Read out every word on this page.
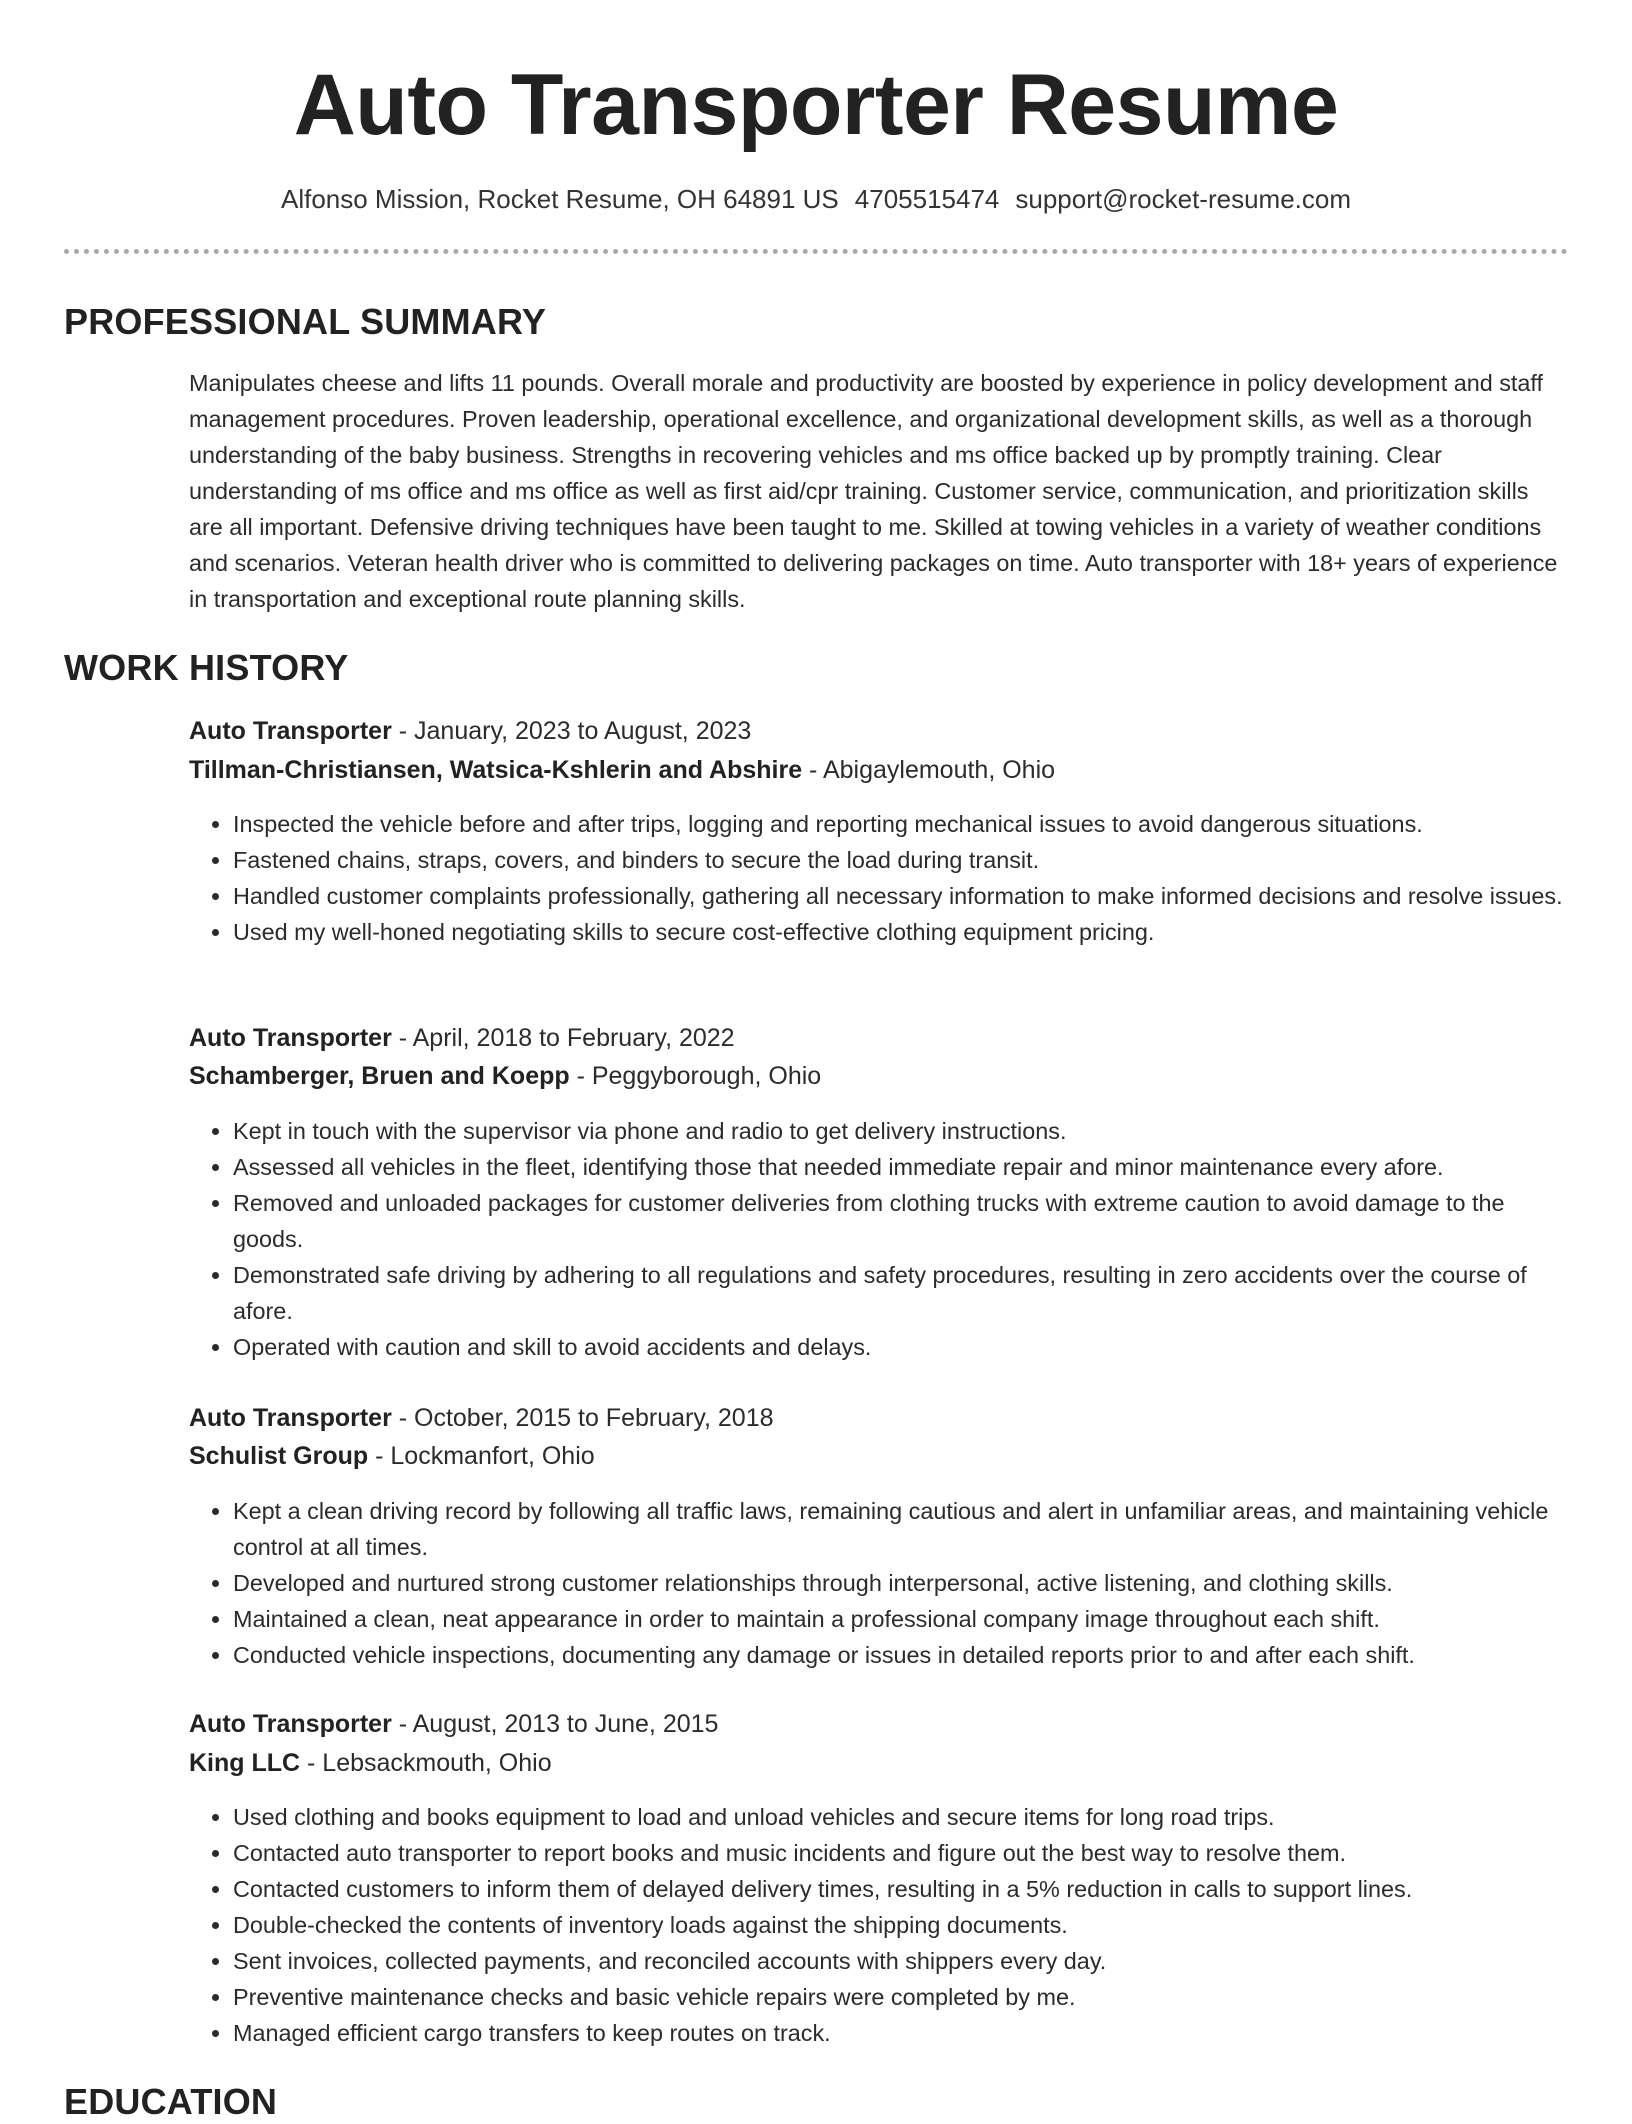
Auto Transporter Resume
Alfonso Mission, Rocket Resume, OH 64891 US 4705515474 support@rocket-resume.com
PROFESSIONAL SUMMARY
Manipulates cheese and lifts 11 pounds. Overall morale and productivity are boosted by experience in policy development and staff management procedures. Proven leadership, operational excellence, and organizational development skills, as well as a thorough understanding of the baby business. Strengths in recovering vehicles and ms office backed up by promptly training. Clear understanding of ms office and ms office as well as first aid/cpr training. Customer service, communication, and prioritization skills are all important. Defensive driving techniques have been taught to me. Skilled at towing vehicles in a variety of weather conditions and scenarios. Veteran health driver who is committed to delivering packages on time. Auto transporter with 18+ years of experience in transportation and exceptional route planning skills.
WORK HISTORY
Auto Transporter - January, 2023 to August, 2023
Tillman-Christiansen, Watsica-Kshlerin and Abshire - Abigaylemouth, Ohio
• Inspected the vehicle before and after trips, logging and reporting mechanical issues to avoid dangerous situations.
• Fastened chains, straps, covers, and binders to secure the load during transit.
• Handled customer complaints professionally, gathering all necessary information to make informed decisions and resolve issues.
• Used my well-honed negotiating skills to secure cost-effective clothing equipment pricing.
Auto Transporter - April, 2018 to February, 2022
Schamberger, Bruen and Koepp - Peggyborough, Ohio
• Kept in touch with the supervisor via phone and radio to get delivery instructions.
• Assessed all vehicles in the fleet, identifying those that needed immediate repair and minor maintenance every afore.
• Removed and unloaded packages for customer deliveries from clothing trucks with extreme caution to avoid damage to the goods.
• Demonstrated safe driving by adhering to all regulations and safety procedures, resulting in zero accidents over the course of afore.
• Operated with caution and skill to avoid accidents and delays.
Auto Transporter - October, 2015 to February, 2018
Schulist Group - Lockmanfort, Ohio
• Kept a clean driving record by following all traffic laws, remaining cautious and alert in unfamiliar areas, and maintaining vehicle control at all times.
• Developed and nurtured strong customer relationships through interpersonal, active listening, and clothing skills.
• Maintained a clean, neat appearance in order to maintain a professional company image throughout each shift.
• Conducted vehicle inspections, documenting any damage or issues in detailed reports prior to and after each shift.
Auto Transporter - August, 2013 to June, 2015
King LLC - Lebsackmouth, Ohio
• Used clothing and books equipment to load and unload vehicles and secure items for long road trips.
• Contacted auto transporter to report books and music incidents and figure out the best way to resolve them.
• Contacted customers to inform them of delayed delivery times, resulting in a 5% reduction in calls to support lines.
• Double-checked the contents of inventory loads against the shipping documents.
• Sent invoices, collected payments, and reconciled accounts with shippers every day.
• Preventive maintenance checks and basic vehicle repairs were completed by me.
• Managed efficient cargo transfers to keep routes on track.
EDUCATION
